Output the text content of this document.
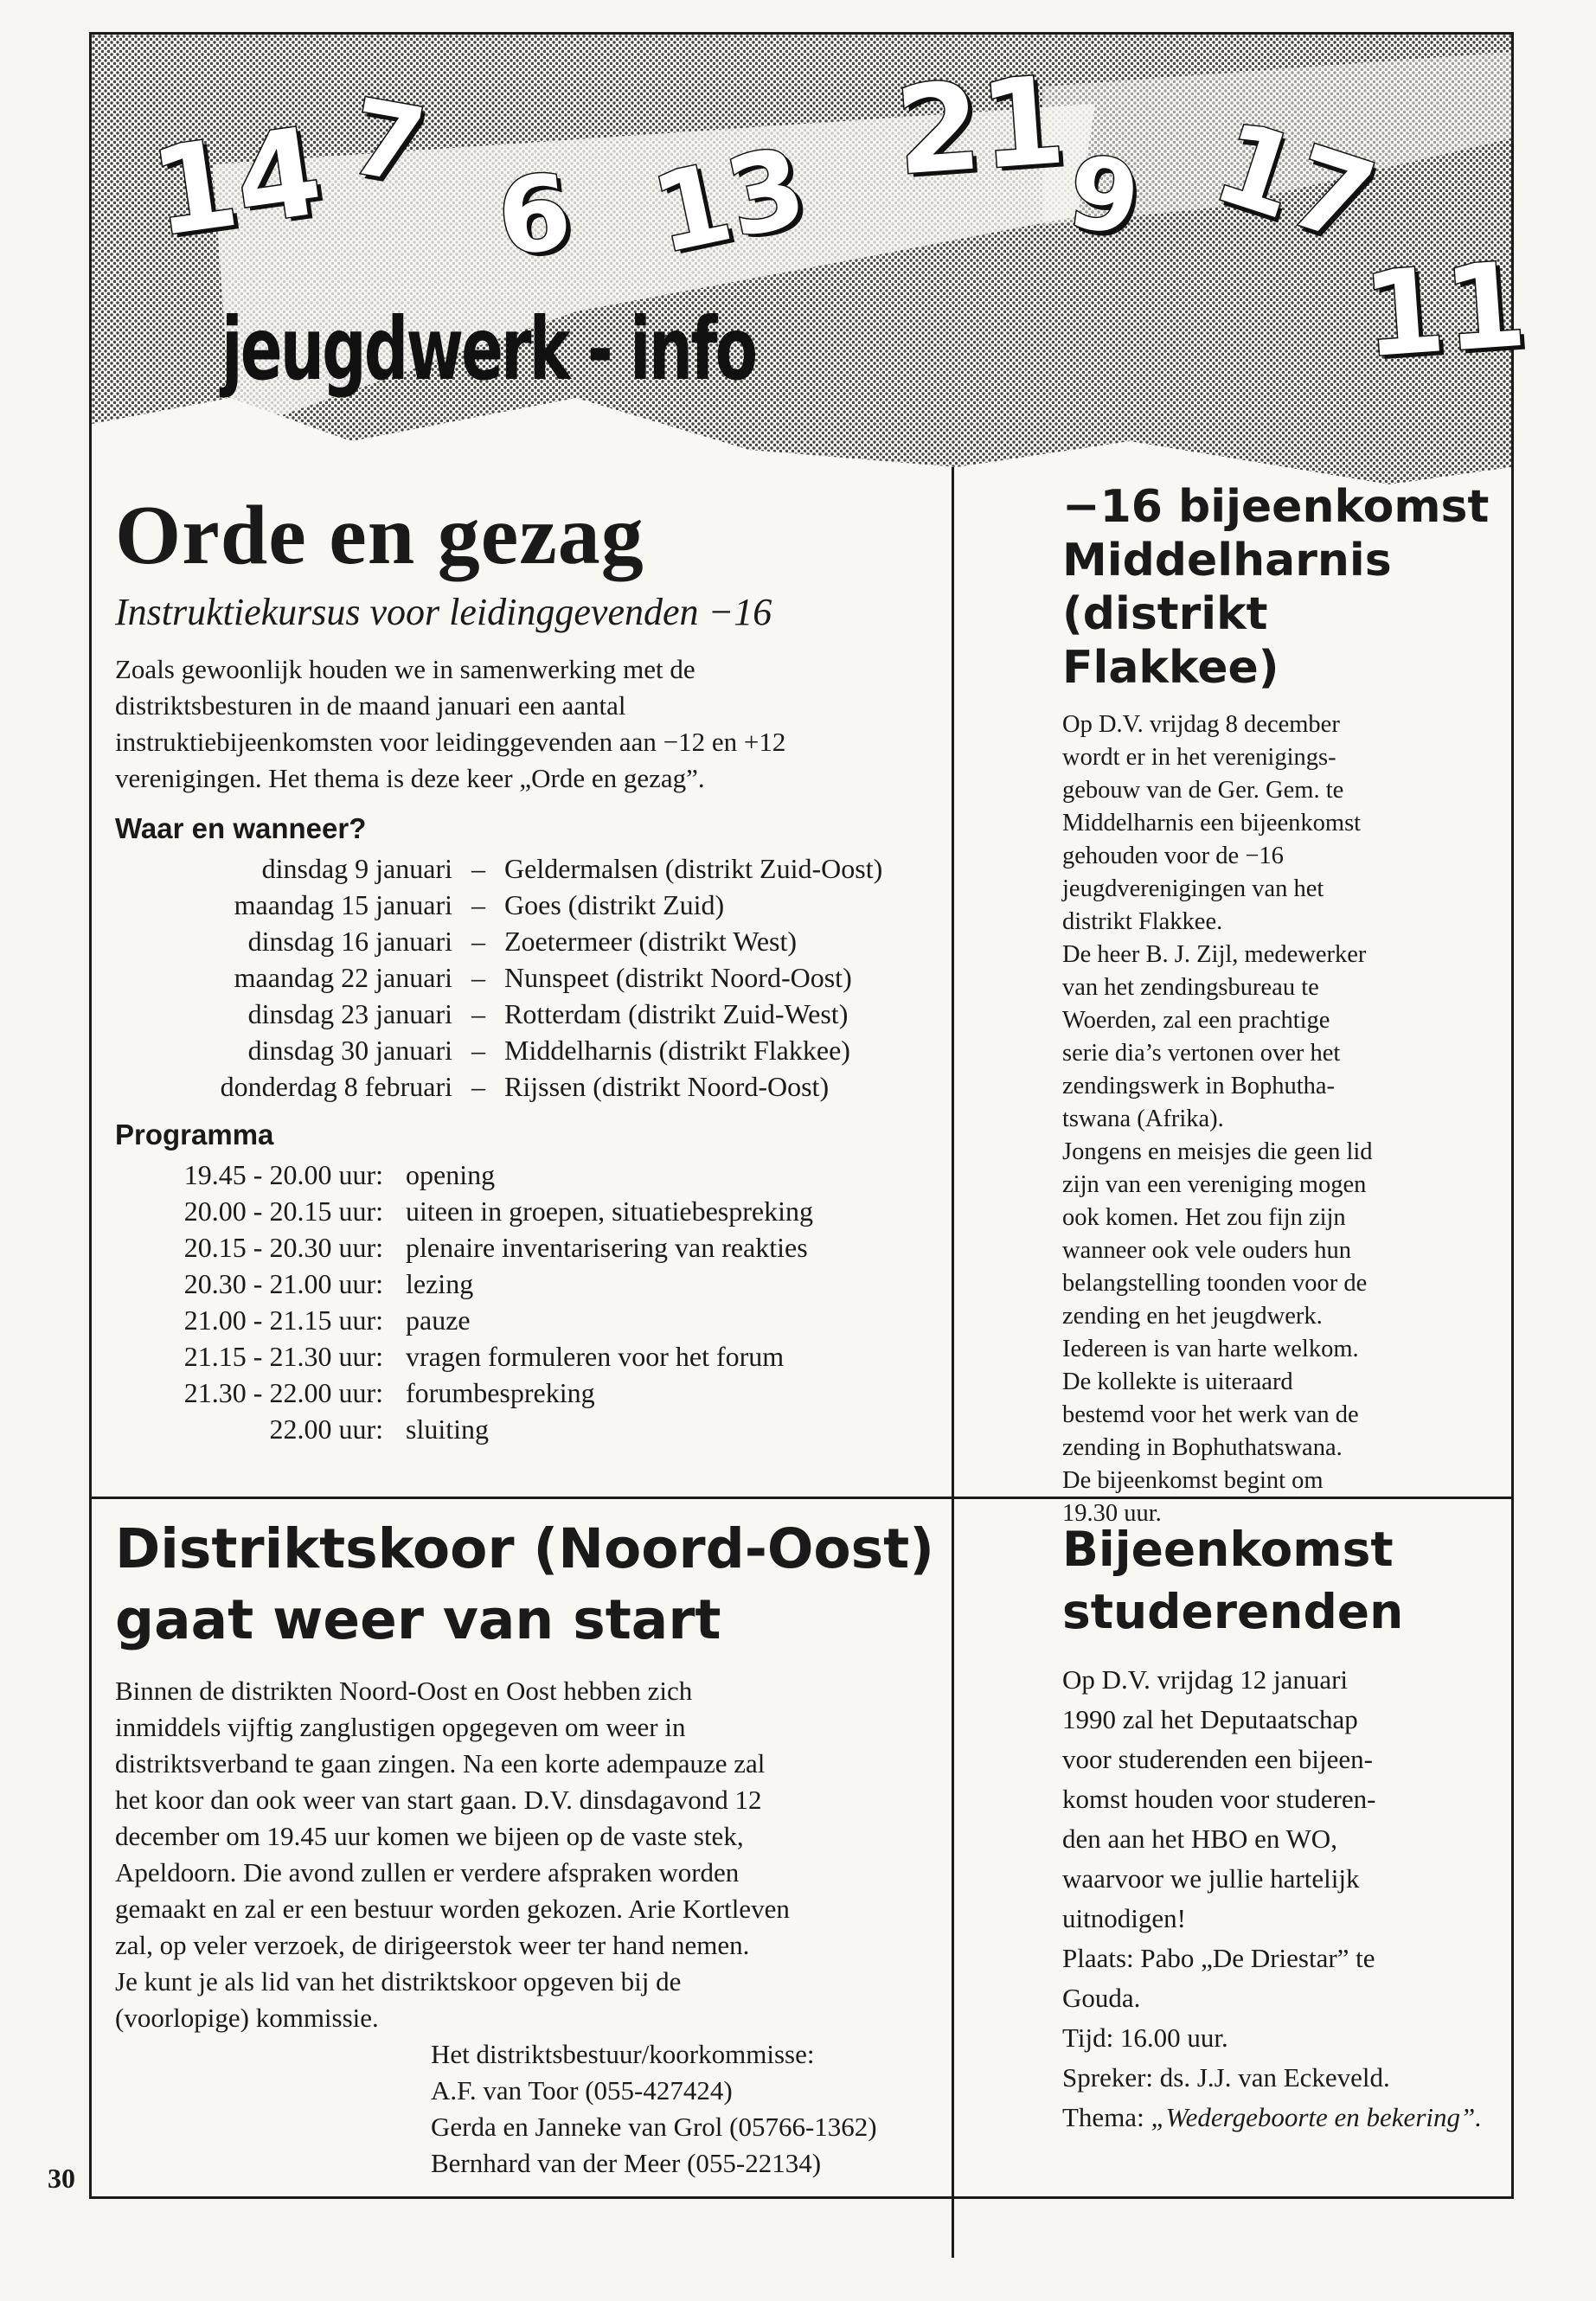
14 7
6 13 21
9 17
11
jeugdwerk - info
Orde en gezag
Instruktiekursus voor leidinggevenden −16

Zoals gewoonlijk houden we in samenwerking met de

distriktsbesturen in de maand januari een aantal

instruktiebijeenkomsten voor leidinggevenden aan −12 en +12

verenigingen. Het thema is deze keer „Orde en gezag”.

Waar en wanneer?
dinsdag 9 januari – Geldermalsen (distrikt Zuid-Oost)
maandag 15 januari – Goes (distrikt Zuid)
dinsdag 16 januari – Zoetermeer (distrikt West)
maandag 22 januari – Nunspeet (distrikt Noord-Oost)
dinsdag 23 januari – Rotterdam (distrikt Zuid-West)
dinsdag 30 januari – Middelharnis (distrikt Flakkee)
donderdag 8 februari – Rijssen (distrikt Noord-Oost)
Programma
19.45 - 20.00 uur: opening
20.00 - 20.15 uur: uiteen in groepen, situatiebespreking
20.15 - 20.30 uur: plenaire inventarisering van reakties
20.30 - 21.00 uur: lezing
21.00 - 21.15 uur: pauze
21.15 - 21.30 uur: vragen formuleren voor het forum
21.30 - 22.00 uur: forumbespreking
22.00 uur: sluiting
−16 bijeenkomst
Middelharnis
(distrikt Flakkee)

Op D.V. vrijdag 8 december

wordt er in het verenigings-

gebouw van de Ger. Gem. te

Middelharnis een bijeenkomst

gehouden voor de −16

jeugdverenigingen van het

distrikt Flakkee.

De heer B. J. Zijl, medewerker

van het zendingsbureau te

Woerden, zal een prachtige

serie dia’s vertonen over het

zendingswerk in Bophutha-

tswana (Afrika).

Jongens en meisjes die geen lid

zijn van een vereniging mogen

ook komen. Het zou fijn zijn

wanneer ook vele ouders hun

belangstelling toonden voor de

zending en het jeugdwerk.

Iedereen is van harte welkom.

De kollekte is uiteraard

bestemd voor het werk van de

zending in Bophuthatswana.

De bijeenkomst begint om

19.30 uur.

Distriktskoor (Noord-Oost)
gaat weer van start

Binnen de distrikten Noord-Oost en Oost hebben zich

inmiddels vijftig zanglustigen opgegeven om weer in

distriktsverband te gaan zingen. Na een korte adempauze zal

het koor dan ook weer van start gaan. D.V. dinsdagavond 12

december om 19.45 uur komen we bijeen op de vaste stek,

Apeldoorn. Die avond zullen er verdere afspraken worden

gemaakt en zal er een bestuur worden gekozen. Arie Kortleven

zal, op veler verzoek, de dirigeerstok weer ter hand nemen.

Je kunt je als lid van het distriktskoor opgeven bij de

(voorlopige) kommissie.

Het distriktsbestuur/koorkommisse:
A.F. van Toor (055-427424)
Gerda en Janneke van Grol (05766-1362)
Bernhard van der Meer (055-22134)
Bijeenkomst
studerenden

Op D.V. vrijdag 12 januari

1990 zal het Deputaatschap

voor studerenden een bijeen-

komst houden voor studeren-

den aan het HBO en WO,

waarvoor we jullie hartelijk

uitnodigen!

Plaats: Pabo „De Driestar” te

Gouda.

Tijd: 16.00 uur.

Spreker: ds. J.J. van Eckeveld.

Thema: „Wedergeboorte en bekering”.

30
